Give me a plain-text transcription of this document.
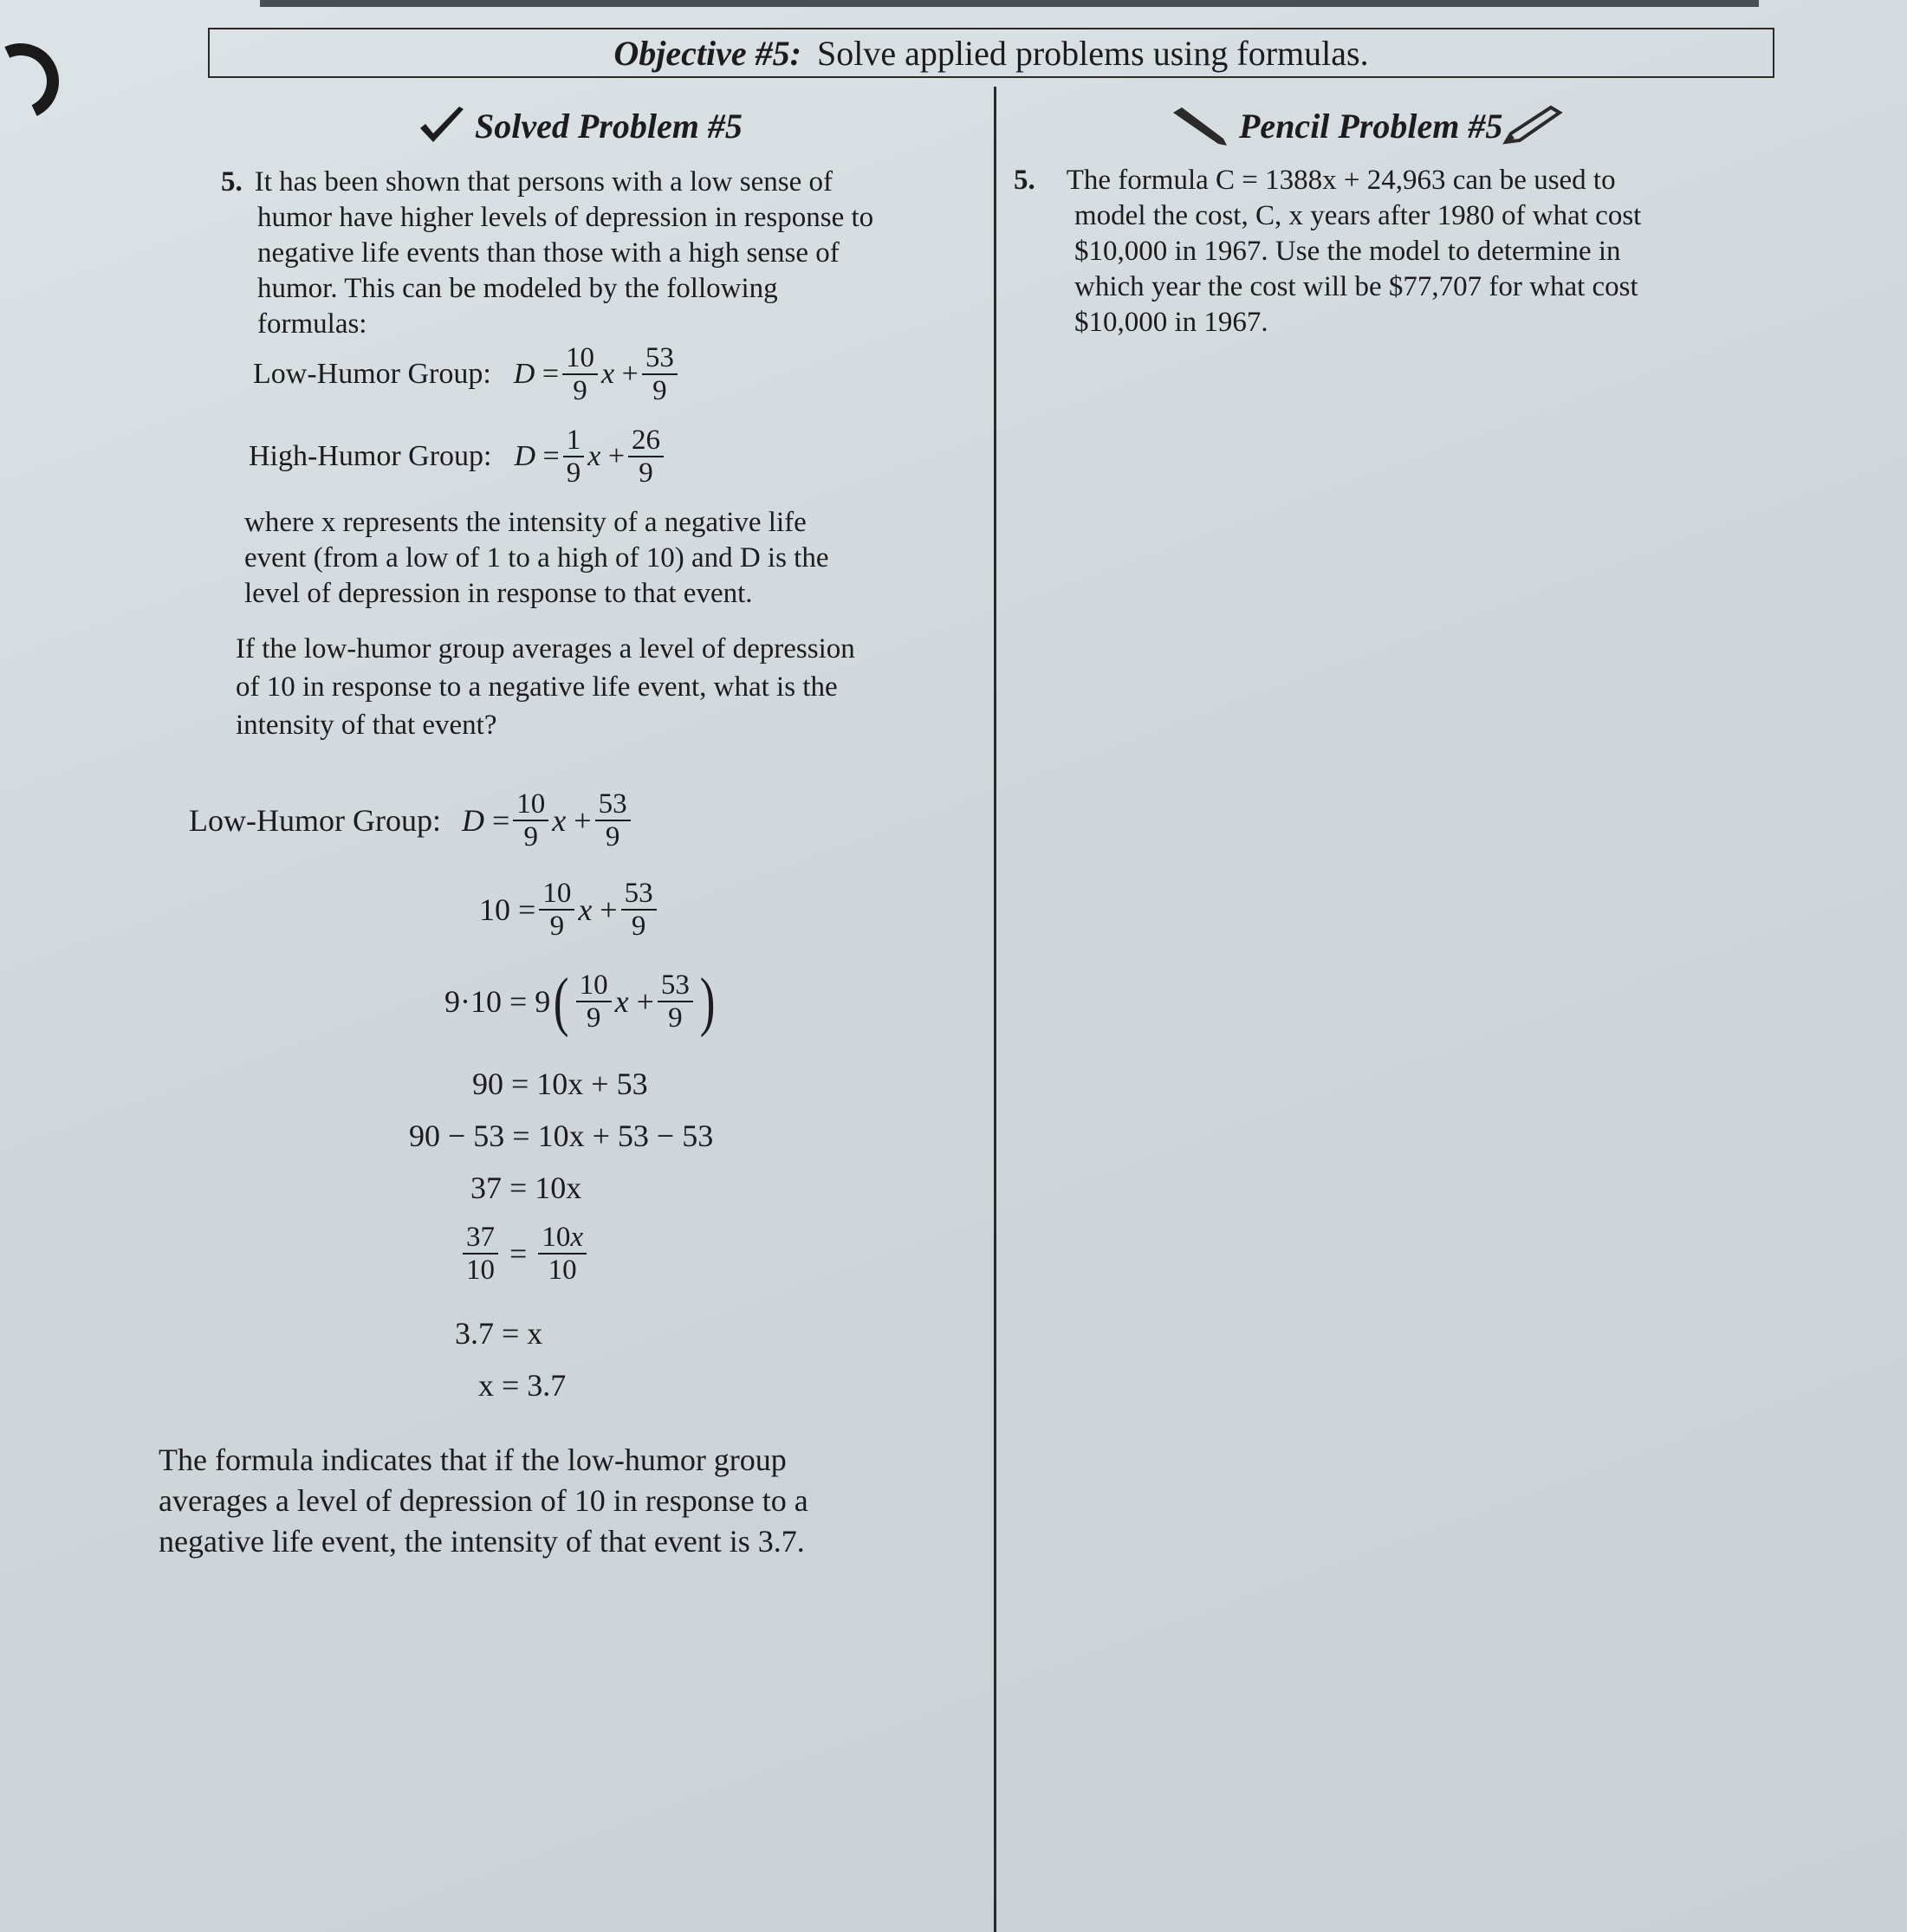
Objective #5: Solve applied problems using formulas.
Solved Problem #5	Pencil Problem #5
5. It has been shown that persons with a low sense of
humor have higher levels of depression in response to
negative life events than those with a high sense of
humor. This can be modeled by the following
formulas:
Low-Humor Group: $D = \frac{10}{9}$ $x + \frac{53}{9}$
High-Humor Group: $D = \frac{1}{9}$ $x + \frac{26}{9}$
where x represents the intensity of a negative life
event (from a low of 1 to a high of 10) and D is the
level of depression in response to that event.
If the low-humor group averages a level of depression
of 10 in response to a negative life event, what is the
intensity of that event?
Low-Humor Group: $D = \frac{10}{9}$ $x + \frac{53}{9}$
$10 = \frac{10}{9}$ $x + \frac{53}{9}$
9·10 = 9 ( $\frac{10}{9}$ $x + \frac{53}{9}$ )
90 = 10x + 53
90 − 53 = 10x + 53 − 53
37 = 10x
$\frac{37}{10} = \frac{10x}{10}$
3.7 = x
x = 3.7
The formula indicates that if the low-humor group
averages a level of depression of 10 in response to a
negative life event, the intensity of that event is 3.7.
5. The formula C = 1388x + 24,963 can be used to
model the cost, C, x years after 1980 of what cost
$10,000 in 1967. Use the model to determine in
which year the cost will be $77,707 for what cost
$10,000 in 1967.
